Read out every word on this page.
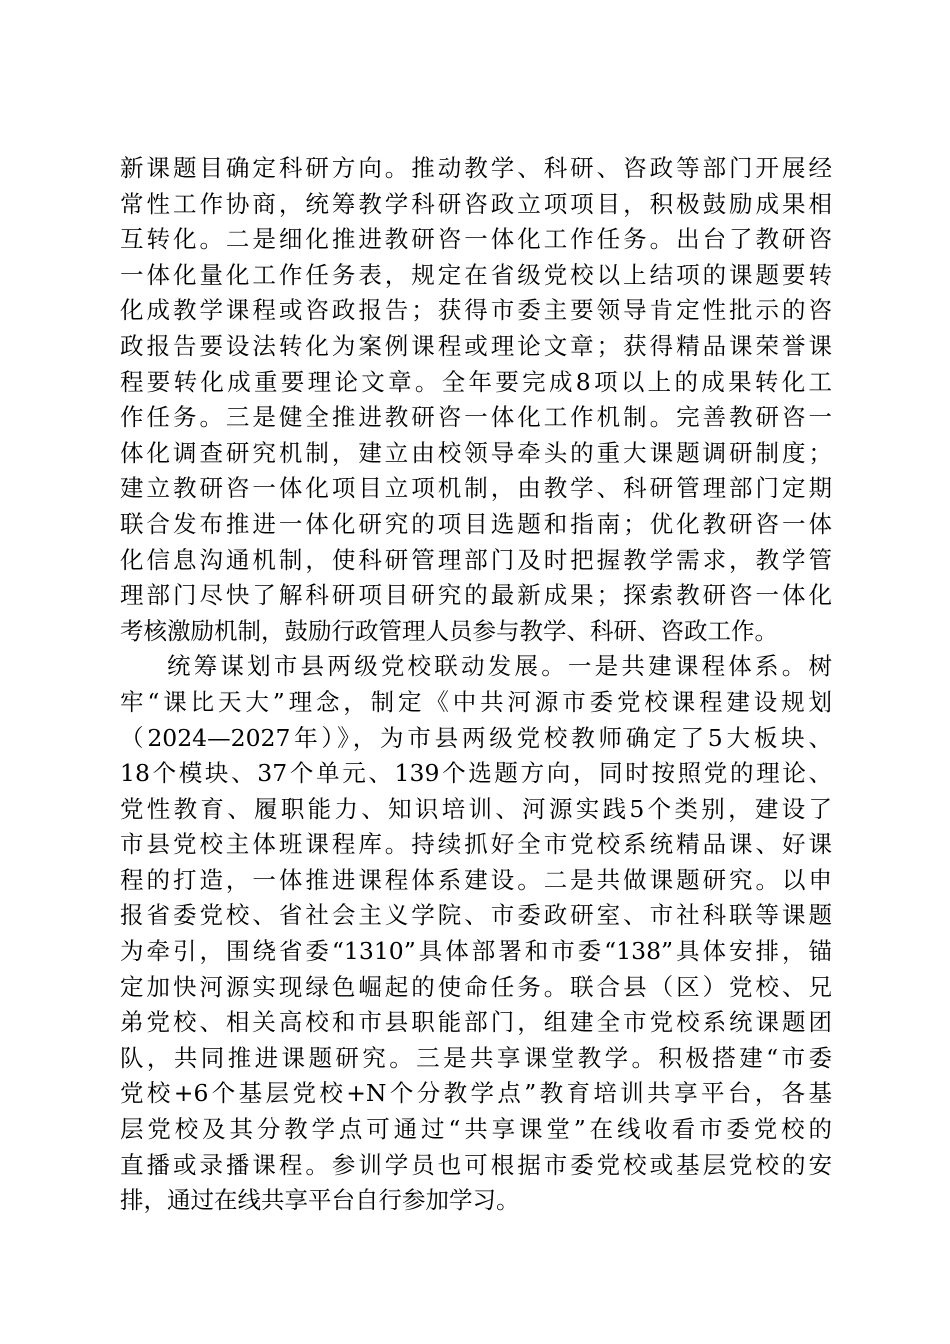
新课题目确定科研方向。推动教学、科研、咨政等部门开展经
常性工作协商，统筹教学科研咨政立项项目，积极鼓励成果相
互转化。二是细化推进教研咨一体化工作任务。出台了教研咨
一体化量化工作任务表，规定在省级党校以上结项的课题要转
化成教学课程或咨政报告；获得市委主要领导肯定性批示的咨
政报告要设法转化为案例课程或理论文章；获得精品课荣誉课
程要转化成重要理论文章。全年要完成8项以上的成果转化工
作任务。三是健全推进教研咨一体化工作机制。完善教研咨一
体化调查研究机制，建立由校领导牵头的重大课题调研制度；
建立教研咨一体化项目立项机制，由教学、科研管理部门定期
联合发布推进一体化研究的项目选题和指南；优化教研咨一体
化信息沟通机制，使科研管理部门及时把握教学需求，教学管
理部门尽快了解科研项目研究的最新成果；探索教研咨一体化
考核激励机制，鼓励行政管理人员参与教学、科研、咨政工作。
统筹谋划市县两级党校联动发展。一是共建课程体系。树
牢“课比天大”理念，制定《中共河源市委党校课程建设规划
（2024—2027年）》，为市县两级党校教师确定了5大板块、
18个模块、37个单元、139个选题方向，同时按照党的理论、
党性教育、履职能力、知识培训、河源实践5个类别，建设了
市县党校主体班课程库。持续抓好全市党校系统精品课、好课
程的打造，一体推进课程体系建设。二是共做课题研究。以申
报省委党校、省社会主义学院、市委政研室、市社科联等课题
为牵引，围绕省委“1310”具体部署和市委“138”具体安排，锚
定加快河源实现绿色崛起的使命任务。联合县（区）党校、兄
弟党校、相关高校和市县职能部门，组建全市党校系统课题团
队，共同推进课题研究。三是共享课堂教学。积极搭建“市委
党校+6个基层党校+N个分教学点”教育培训共享平台，各基
层党校及其分教学点可通过“共享课堂”在线收看市委党校的
直播或录播课程。参训学员也可根据市委党校或基层党校的安
排，通过在线共享平台自行参加学习。
